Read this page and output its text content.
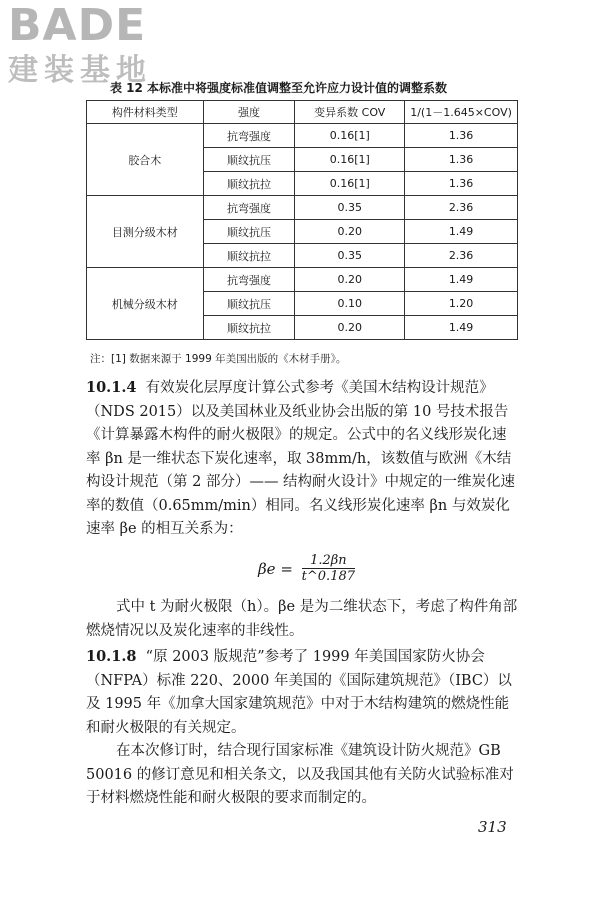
BADE
建装基地
表 12 本标准中将强度标准值调整至允许应力设计值的调整系数
构件材料类型	强度	变异系数 COV	1/(1－1.645×COV)
胶合木	抗弯强度	0.16[1]	1.36
	顺纹抗压	0.16[1]	1.36
	顺纹抗拉	0.16[1]	1.36
目测分级木材	抗弯强度	0.35	2.36
	顺纹抗压	0.20	1.49
	顺纹抗拉	0.35	2.36
机械分级木材	抗弯强度	0.20	1.49
	顺纹抗压	0.10	1.20
	顺纹抗拉	0.20	1.49
注：[1] 数据来源于 1999 年美国出版的《木材手册》。
10.1.4 有效炭化层厚度计算公式参考《美国木结构设计规范》（NDS 2015）以及美国林业及纸业协会出版的第 10 号技术报告《计算暴露木构件的耐火极限》的规定。公式中的名义线形炭化速率 βn 是一维状态下炭化速率，取 38mm/h，该数值与欧洲《木结构设计规范（第 2 部分）—— 结构耐火设计》中规定的一维炭化速率的数值（0.65mm/min）相同。名义线形炭化速率 βn 与效炭化速率 βe 的相互关系为：
$\beta e = \frac{1.2\beta n}{t\^{}0.187}$
式中 t 为耐火极限（h）。βe 是为二维状态下，考虑了构件角部燃烧情况以及炭化速率的非线性。
10.1.8 “原 2003 版规范”参考了 1999 年美国国家防火协会（NFPA）标准 220、2000 年美国的《国际建筑规范》（IBC）以及 1995 年《加拿大国家建筑规范》中对于木结构建筑的燃烧性能和耐火极限的有关规定。
在本次修订时，结合现行国家标准《建筑设计防火规范》GB 50016 的修订意见和相关条文，以及我国其他有关防火试验标准对于材料燃烧性能和耐火极限的要求而制定的。
313
